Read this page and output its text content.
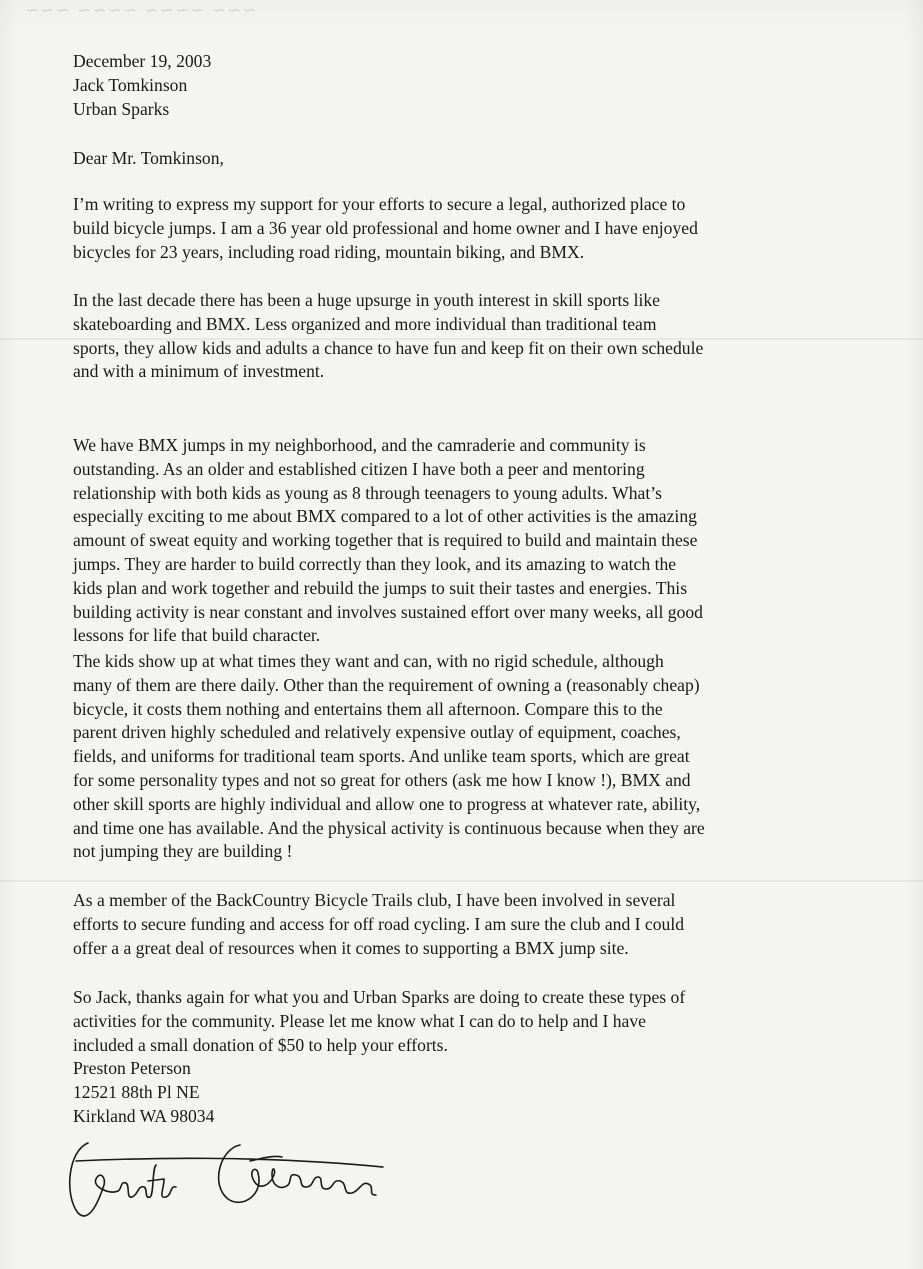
~~~ ~~~~ ~~~~ ~~~
December 19, 2003
Jack Tomkinson
Urban Sparks
Dear Mr. Tomkinson,
I’m writing to express my support for your efforts to secure a legal, authorized place to
build bicycle jumps. I am a 36 year old professional and home owner and I have enjoyed
bicycles for 23 years, including road riding, mountain biking, and BMX.
In the last decade there has been a huge upsurge in youth interest in skill sports like
skateboarding and BMX. Less organized and more individual than traditional team
sports, they allow kids and adults a chance to have fun and keep fit on their own schedule
and with a minimum of investment.
We have BMX jumps in my neighborhood, and the camraderie and community is
outstanding. As an older and established citizen I have both a peer and mentoring
relationship with both kids as young as 8 through teenagers to young adults. What’s
especially exciting to me about BMX compared to a lot of other activities is the amazing
amount of sweat equity and working together that is required to build and maintain these
jumps. They are harder to build correctly than they look, and its amazing to watch the
kids plan and work together and rebuild the jumps to suit their tastes and energies. This
building activity is near constant and involves sustained effort over many weeks, all good
lessons for life that build character.
The kids show up at what times they want and can, with no rigid schedule, although
many of them are there daily. Other than the requirement of owning a (reasonably cheap)
bicycle, it costs them nothing and entertains them all afternoon. Compare this to the
parent driven highly scheduled and relatively expensive outlay of equipment, coaches,
fields, and uniforms for traditional team sports. And unlike team sports, which are great
for some personality types and not so great for others (ask me how I know !), BMX and
other skill sports are highly individual and allow one to progress at whatever rate, ability,
and time one has available. And the physical activity is continuous because when they are
not jumping they are building !
As a member of the BackCountry Bicycle Trails club, I have been involved in several
efforts to secure funding and access for off road cycling. I am sure the club and I could
offer a a great deal of resources when it comes to supporting a BMX jump site.
So Jack, thanks again for what you and Urban Sparks are doing to create these types of
activities for the community. Please let me know what I can do to help and I have
included a small donation of $50 to help your efforts.
Preston Peterson
12521 88th Pl NE
Kirkland WA 98034
